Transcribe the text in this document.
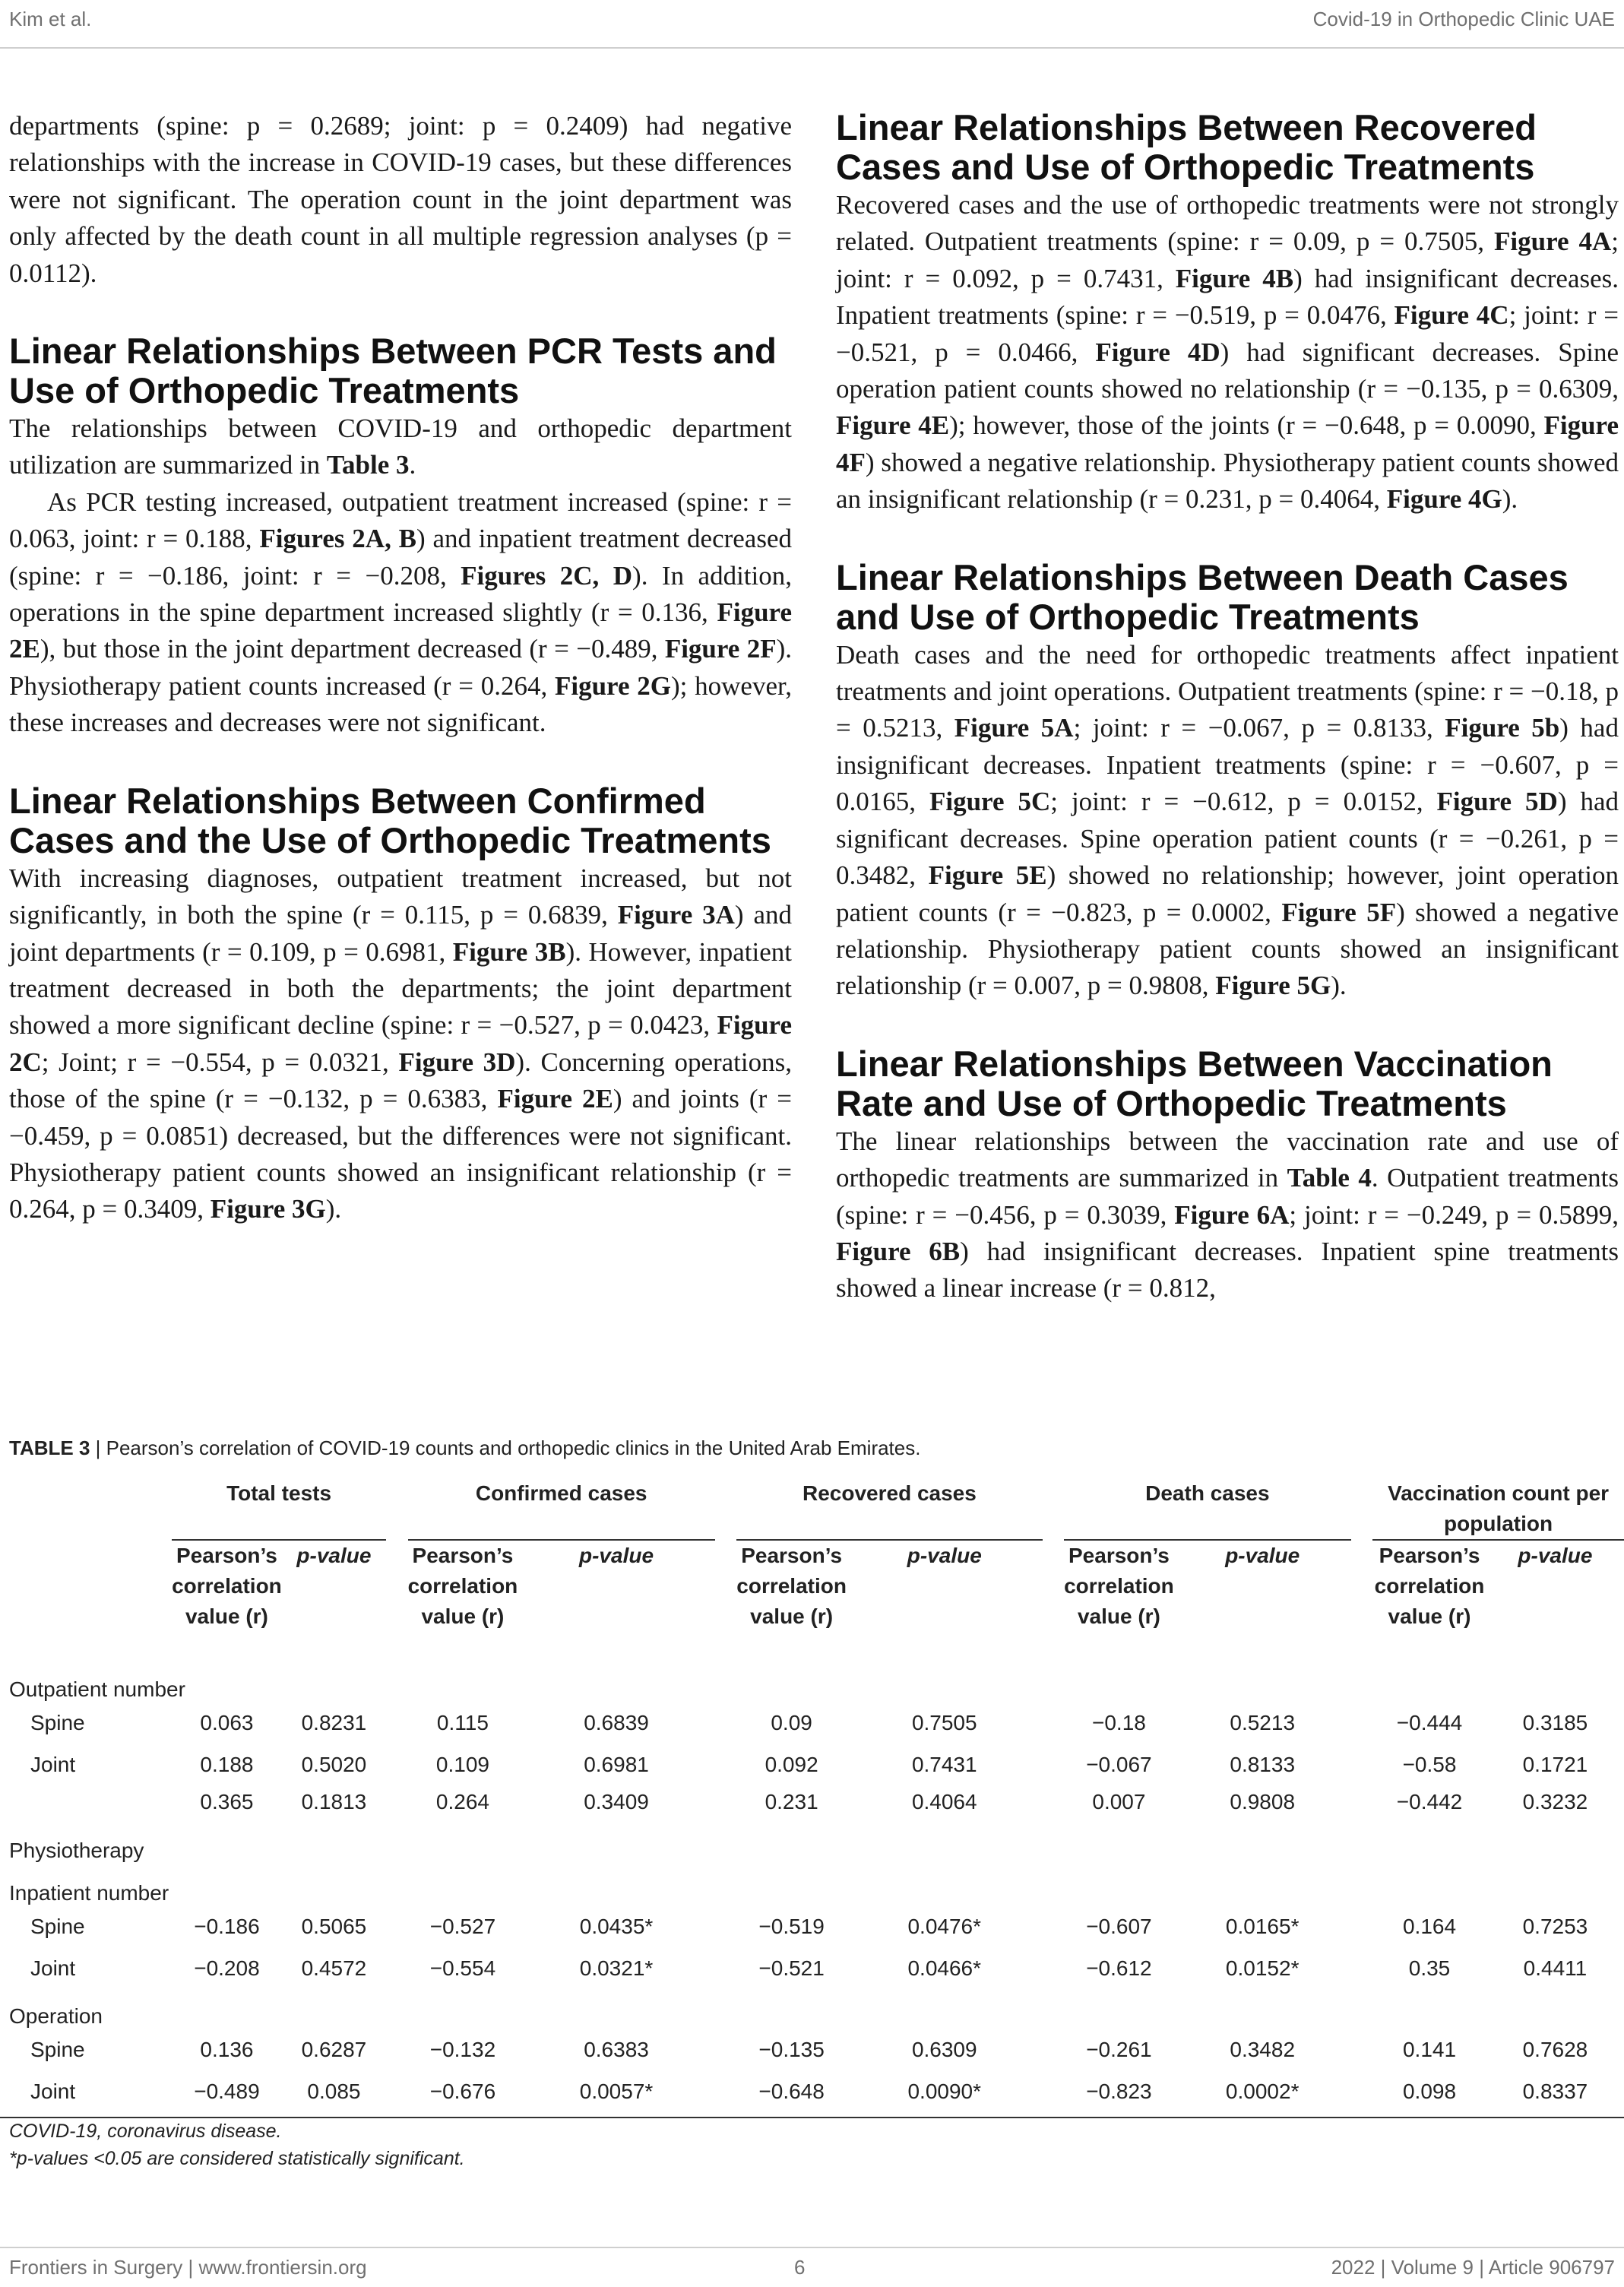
Kim et al.	Covid-19 in Orthopedic Clinic UAE

departments (spine: p = 0.2689; joint: p = 0.2409) had negative relationships with the increase in COVID-19 cases, but these differences were not significant. The operation count in the joint department was only affected by the death count in all multiple regression analyses (p = 0.0112).

Linear Relationships Between PCR Tests and Use of Orthopedic Treatments

The relationships between COVID-19 and orthopedic department utilization are summarized in Table 3.

As PCR testing increased, outpatient treatment increased (spine: r = 0.063, joint: r = 0.188, Figures 2A, B) and inpatient treatment decreased (spine: r = −0.186, joint: r = −0.208, Figures 2C, D). In addition, operations in the spine department increased slightly (r = 0.136, Figure 2E), but those in the joint department decreased (r = −0.489, Figure 2F). Physiotherapy patient counts increased (r = 0.264, Figure 2G); however, these increases and decreases were not significant.

Linear Relationships Between Confirmed Cases and the Use of Orthopedic Treatments

With increasing diagnoses, outpatient treatment increased, but not significantly, in both the spine (r = 0.115, p = 0.6839, Figure 3A) and joint departments (r = 0.109, p = 0.6981, Figure 3B). However, inpatient treatment decreased in both the departments; the joint department showed a more significant decline (spine: r = −0.527, p = 0.0423, Figure 2C; Joint; r = −0.554, p = 0.0321, Figure 3D). Concerning operations, those of the spine (r = −0.132, p = 0.6383, Figure 2E) and joints (r = −0.459, p = 0.0851) decreased, but the differences were not significant. Physiotherapy patient counts showed an insignificant relationship (r = 0.264, p = 0.3409, Figure 3G).

Linear Relationships Between Recovered Cases and Use of Orthopedic Treatments

Recovered cases and the use of orthopedic treatments were not strongly related. Outpatient treatments (spine: r = 0.09, p = 0.7505, Figure 4A; joint: r = 0.092, p = 0.7431, Figure 4B) had insignificant decreases. Inpatient treatments (spine: r = −0.519, p = 0.0476, Figure 4C; joint: r = −0.521, p = 0.0466, Figure 4D) had significant decreases. Spine operation patient counts showed no relationship (r = −0.135, p = 0.6309, Figure 4E); however, those of the joints (r = −0.648, p = 0.0090, Figure 4F) showed a negative relationship. Physiotherapy patient counts showed an insignificant relationship (r = 0.231, p = 0.4064, Figure 4G).

Linear Relationships Between Death Cases and Use of Orthopedic Treatments

Death cases and the need for orthopedic treatments affect inpatient treatments and joint operations. Outpatient treatments (spine: r = −0.18, p = 0.5213, Figure 5A; joint: r = −0.067, p = 0.8133, Figure 5b) had insignificant decreases. Inpatient treatments (spine: r = −0.607, p = 0.0165, Figure 5C; joint: r = −0.612, p = 0.0152, Figure 5D) had significant decreases. Spine operation patient counts (r = −0.261, p = 0.3482, Figure 5E) showed no relationship; however, joint operation patient counts (r = −0.823, p = 0.0002, Figure 5F) showed a negative relationship. Physiotherapy patient counts showed an insignificant relationship (r = 0.007, p = 0.9808, Figure 5G).

Linear Relationships Between Vaccination Rate and Use of Orthopedic Treatments

The linear relationships between the vaccination rate and use of orthopedic treatments are summarized in Table 4. Outpatient treatments (spine: r = −0.456, p = 0.3039, Figure 6A; joint: r = −0.249, p = 0.5899, Figure 6B) had insignificant decreases. Inpatient spine treatments showed a linear increase (r = 0.812,

TABLE 3 | Pearson’s correlation of COVID-19 counts and orthopedic clinics in the United Arab Emirates.
	Total tests			Confirmed cases			Recovered cases			Death cases			Vaccination count per population	
	Pearson’s correlation value (r)	p-value		Pearson’s correlation value (r)	p-value		Pearson’s correlation value (r)	p-value		Pearson’s correlation value (r)	p-value		Pearson’s correlation value (r)	p-value
Outpatient number														
Spine	0.063	0.8231		0.115	0.6839		0.09	0.7505		−0.18	0.5213		−0.444	0.3185
Joint	0.188	0.5020		0.109	0.6981		0.092	0.7431		−0.067	0.8133		−0.58	0.1721
Physiotherapy	0.365	0.1813		0.264	0.3409		0.231	0.4064		0.007	0.9808		−0.442	0.3232
Inpatient number														
Spine	−0.186	0.5065		−0.527	0.0435*		−0.519	0.0476*		−0.607	0.0165*		0.164	0.7253
Joint	−0.208	0.4572		−0.554	0.0321*		−0.521	0.0466*		−0.612	0.0152*		0.35	0.4411
Operation														
Spine	0.136	0.6287		−0.132	0.6383		−0.135	0.6309		−0.261	0.3482		0.141	0.7628
Joint	−0.489	0.085		−0.676	0.0057*		−0.648	0.0090*		−0.823	0.0002*		0.098	0.8337
COVID-19, coronavirus disease.
*p-values <0.05 are considered statistically significant.
Frontiers in Surgery | www.frontiersin.org	6	2022 | Volume 9 | Article 906797
